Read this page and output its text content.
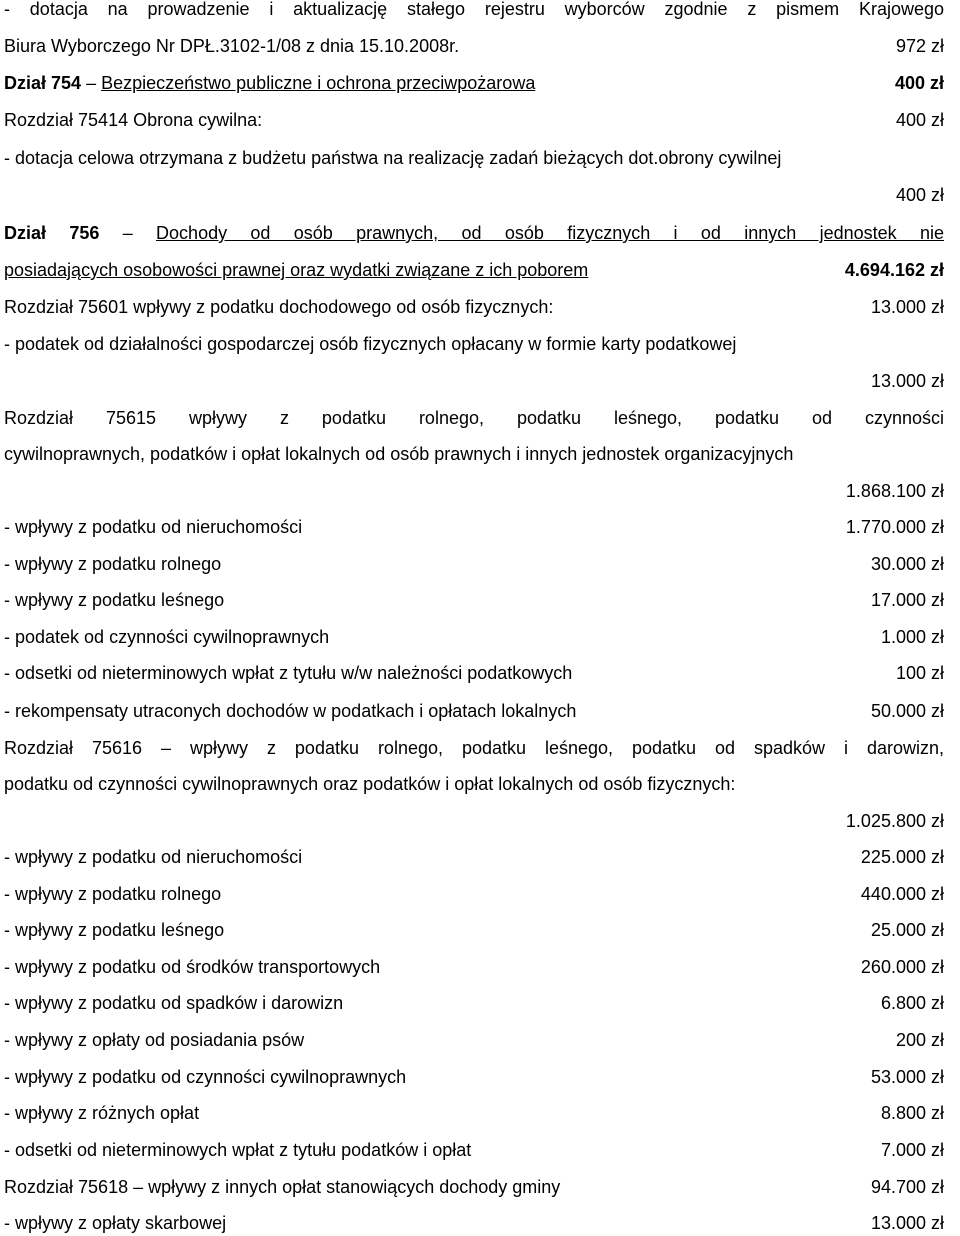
- dotacja na prowadzenie i aktualizację stałego rejestru wyborców zgodnie z pismem Krajowego
Biura Wyborczego Nr DPŁ.3102-1/08 z dnia 15.10.2008r.	972 zł
Dział 754 – Bezpieczeństwo publiczne i ochrona przeciwpożarowa	400 zł
Rozdział 75414 Obrona cywilna:	400 zł
- dotacja celowa otrzymana z budżetu państwa na realizację zadań bieżących dot.obrony cywilnej
400 zł
Dział 756 – Dochody od osób prawnych, od osób fizycznych i od innych jednostek nie
posiadających osobowości prawnej oraz wydatki związane z ich poborem	4.694.162 zł
Rozdział 75601 wpływy z podatku dochodowego od osób fizycznych:	13.000 zł
- podatek od działalności gospodarczej osób fizycznych opłacany w formie karty podatkowej
13.000 zł
Rozdział 75615 wpływy z podatku rolnego, podatku leśnego, podatku od czynności
cywilnoprawnych, podatków i opłat lokalnych od osób prawnych i innych jednostek organizacyjnych
1.868.100 zł
- wpływy z podatku od nieruchomości	1.770.000 zł
- wpływy z podatku rolnego	30.000 zł
- wpływy z podatku leśnego	17.000 zł
- podatek od czynności cywilnoprawnych	1.000 zł
- odsetki od nieterminowych wpłat z tytułu w/w należności podatkowych	100 zł
- rekompensaty utraconych dochodów w podatkach i opłatach lokalnych	50.000 zł
Rozdział 75616 – wpływy z podatku rolnego, podatku leśnego, podatku od spadków i darowizn,
podatku od czynności cywilnoprawnych oraz podatków i opłat lokalnych od osób fizycznych:
1.025.800 zł
- wpływy z podatku od nieruchomości	225.000 zł
- wpływy z podatku rolnego	440.000 zł
- wpływy z podatku leśnego	25.000 zł
- wpływy z podatku od środków transportowych	260.000 zł
- wpływy z podatku od spadków i darowizn	6.800 zł
- wpływy z opłaty od posiadania psów	200 zł
- wpływy z podatku od czynności cywilnoprawnych	53.000 zł
- wpływy z różnych opłat	8.800 zł
- odsetki od nieterminowych wpłat z tytułu podatków i opłat	7.000 zł
Rozdział 75618 – wpływy z innych opłat stanowiących dochody gminy	94.700 zł
- wpływy z opłaty skarbowej	13.000 zł
